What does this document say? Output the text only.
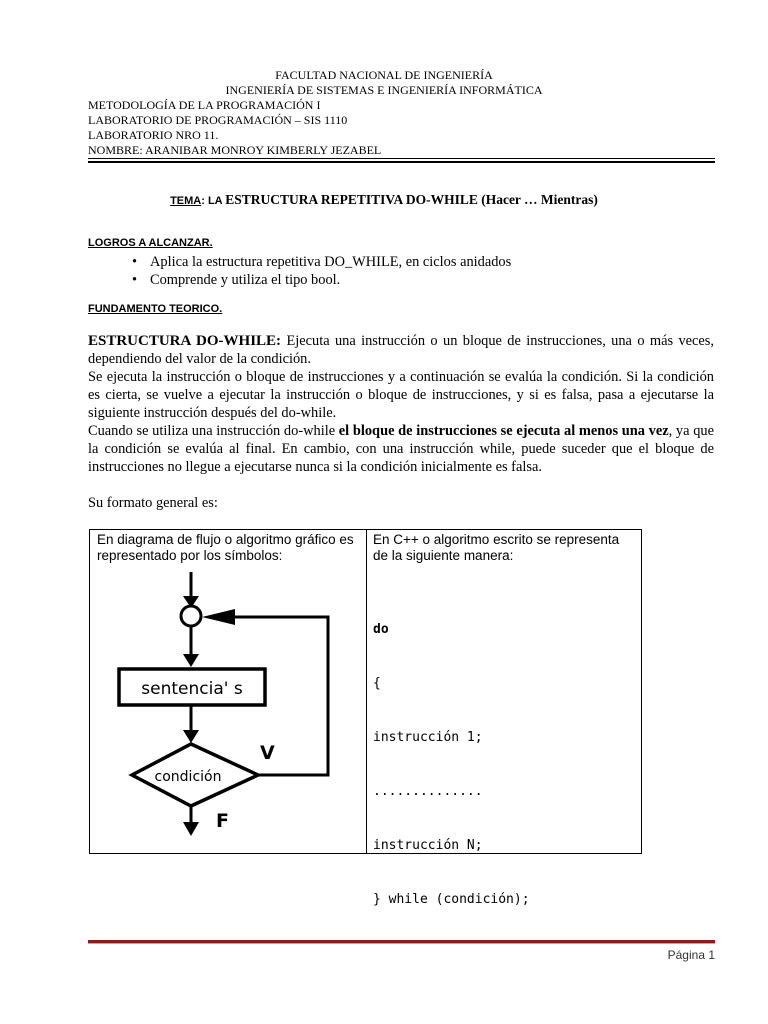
FACULTAD NACIONAL DE INGENIERÍA
INGENIERÍA DE SISTEMAS E INGENIERÍA INFORMÁTICA
METODOLOGÍA DE LA PROGRAMACIÓN I
LABORATORIO DE PROGRAMACIÓN – SIS 1110
LABORATORIO NRO 11.
NOMBRE: ARANIBAR MONROY KIMBERLY JEZABEL
TEMA: LA ESTRUCTURA REPETITIVA DO-WHILE (Hacer … Mientras)
LOGROS A ALCANZAR.
• Aplica la estructura repetitiva DO_WHILE, en ciclos anidados
• Comprende y utiliza el tipo bool.
FUNDAMENTO TEORICO.
ESTRUCTURA DO-WHILE: Ejecuta una instrucción o un bloque de instrucciones, una o más veces, dependiendo del valor de la condición.
Se ejecuta la instrucción o bloque de instrucciones y a continuación se evalúa la condición. Si la condición es cierta, se vuelve a ejecutar la instrucción o bloque de instrucciones, y si es falsa, pasa a ejecutarse la siguiente instrucción después del do-while.
Cuando se utiliza una instrucción do-while el bloque de instrucciones se ejecuta al menos una vez, ya que la condición se evalúa al final. En cambio, con una instrucción while, puede suceder que el bloque de instrucciones no llegue a ejecutarse nunca si la condición inicialmente es falsa.
Su formato general es:
En diagrama de flujo o algoritmo gráfico es representado por los símbolos:
En C++ o algoritmo escrito se representa de la siguiente manera:
sentencia' s
condición
V
F

do

{

instrucción 1;

..............

instrucción N;

} while (condición);

Página 1
